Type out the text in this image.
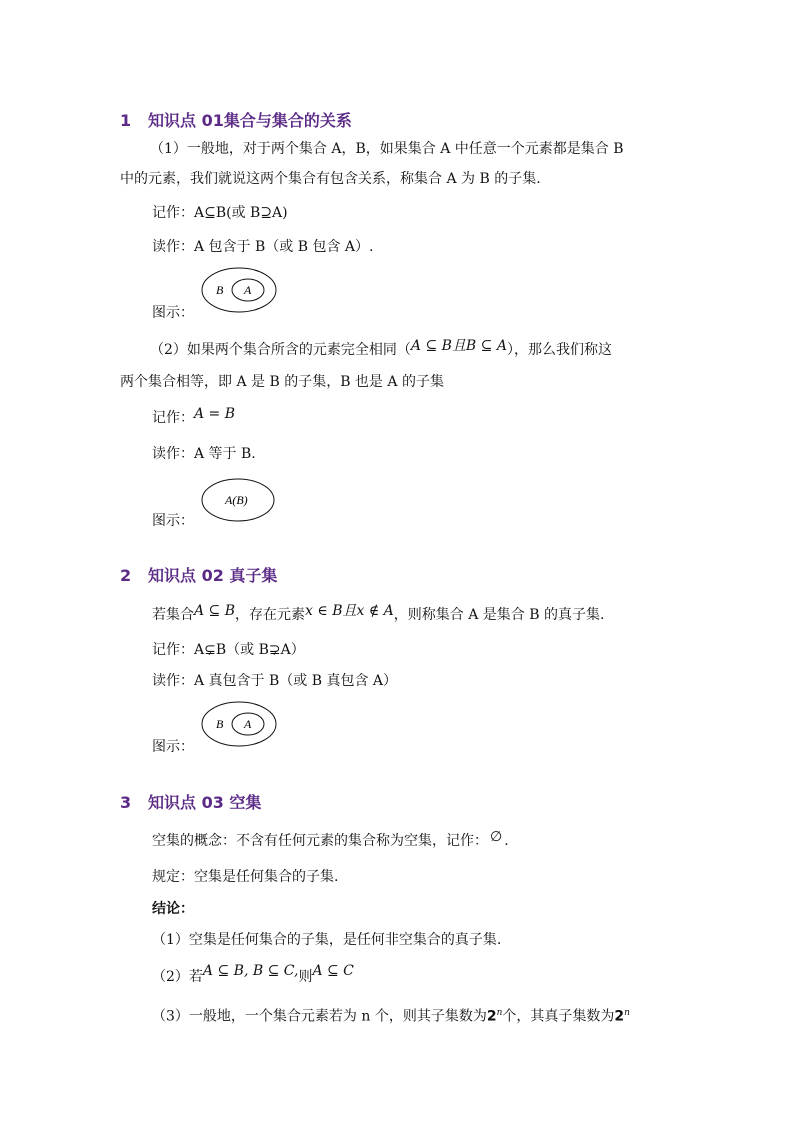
1 知识点 01集合与集合的关系
（1）一般地，对于两个集合 A，B，如果集合 A 中任意一个元素都是集合 B
中的元素，我们就说这两个集合有包含关系，称集合 A 为 B 的子集.
记作：A⊆B(或 B⊇A)
读作：A 包含于 B（或 B 包含 A）.
图示：
B A
（2）如果两个集合所含的元素完全相同（A ⊆ B且B ⊆ A），那么我们称这
两个集合相等，即 A 是 B 的子集，B 也是 A 的子集
记作：A = B
读作：A 等于 B.
图示：
A(B)
2 知识点 02 真子集
若集合A ⊆ B，存在元素x ∈ B且x ∉ A，则称集合 A 是集合 B 的真子集.
记作：A⊊B（或 B⊋A）
读作：A 真包含于 B（或 B 真包含 A）
图示：
B A
3 知识点 03 空集
空集的概念：不含有任何元素的集合称为空集，记作： ∅ .
规定：空集是任何集合的子集.
结论：
（1）空集是任何集合的子集，是任何非空集合的真子集.
（2）若A ⊆ B, B ⊆ C,则A ⊆ C
（3）一般地，一个集合元素若为 n 个，则其子集数为2$^n$个，其真子集数为2$^n$
